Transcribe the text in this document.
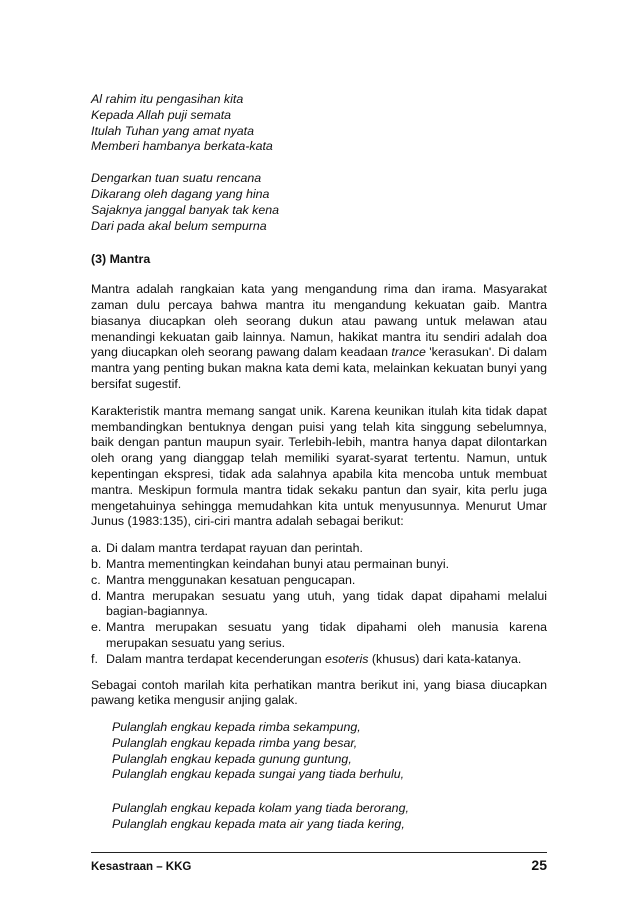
Al rahim itu pengasihan kita
Kepada Allah puji semata
Itulah Tuhan yang amat nyata
Memberi hambanya berkata-kata
Dengarkan tuan suatu rencana
Dikarang oleh dagang yang hina
Sajaknya janggal banyak tak kena
Dari pada akal belum sempurna
(3) Mantra

Mantra adalah rangkaian kata yang mengandung rima dan irama. Masyarakat zaman dulu percaya bahwa mantra itu mengandung kekuatan gaib. Mantra biasanya diucapkan oleh seorang dukun atau pawang untuk melawan atau menandingi kekuatan gaib lainnya. Namun, hakikat mantra itu sendiri adalah doa yang diucapkan oleh seorang pawang dalam keadaan trance 'kerasukan'. Di dalam mantra yang penting bukan makna kata demi kata, melainkan kekuatan bunyi yang bersifat sugestif.

Karakteristik mantra memang sangat unik. Karena keunikan itulah kita tidak dapat membandingkan bentuknya dengan puisi yang telah kita singgung sebelumnya, baik dengan pantun maupun syair. Terlebih-lebih, mantra hanya dapat dilontarkan oleh orang yang dianggap telah memiliki syarat-syarat tertentu. Namun, untuk kepentingan ekspresi, tidak ada salahnya apabila kita mencoba untuk membuat mantra. Meskipun formula mantra tidak sekaku pantun dan syair, kita perlu juga mengetahuinya sehingga memudahkan kita untuk menyusunnya. Menurut Umar Junus (1983:135), ciri-ciri mantra adalah sebagai berikut:

a. Di dalam mantra terdapat rayuan dan perintah.
b. Mantra mementingkan keindahan bunyi atau permainan bunyi.
c. Mantra menggunakan kesatuan pengucapan.
d. Mantra merupakan sesuatu yang utuh, yang tidak dapat dipahami melalui bagian-bagiannya.
e. Mantra merupakan sesuatu yang tidak dipahami oleh manusia karena merupakan sesuatu yang serius.
f. Dalam mantra terdapat kecenderungan esoteris (khusus) dari kata-katanya.

Sebagai contoh marilah kita perhatikan mantra berikut ini, yang biasa diucapkan pawang ketika mengusir anjing galak.

Pulanglah engkau kepada rimba sekampung,
Pulanglah engkau kepada rimba yang besar,
Pulanglah engkau kepada gunung guntung,
Pulanglah engkau kepada sungai yang tiada berhulu,
Pulanglah engkau kepada kolam yang tiada berorang,
Pulanglah engkau kepada mata air yang tiada kering,
Kesastraan – KKG	25
